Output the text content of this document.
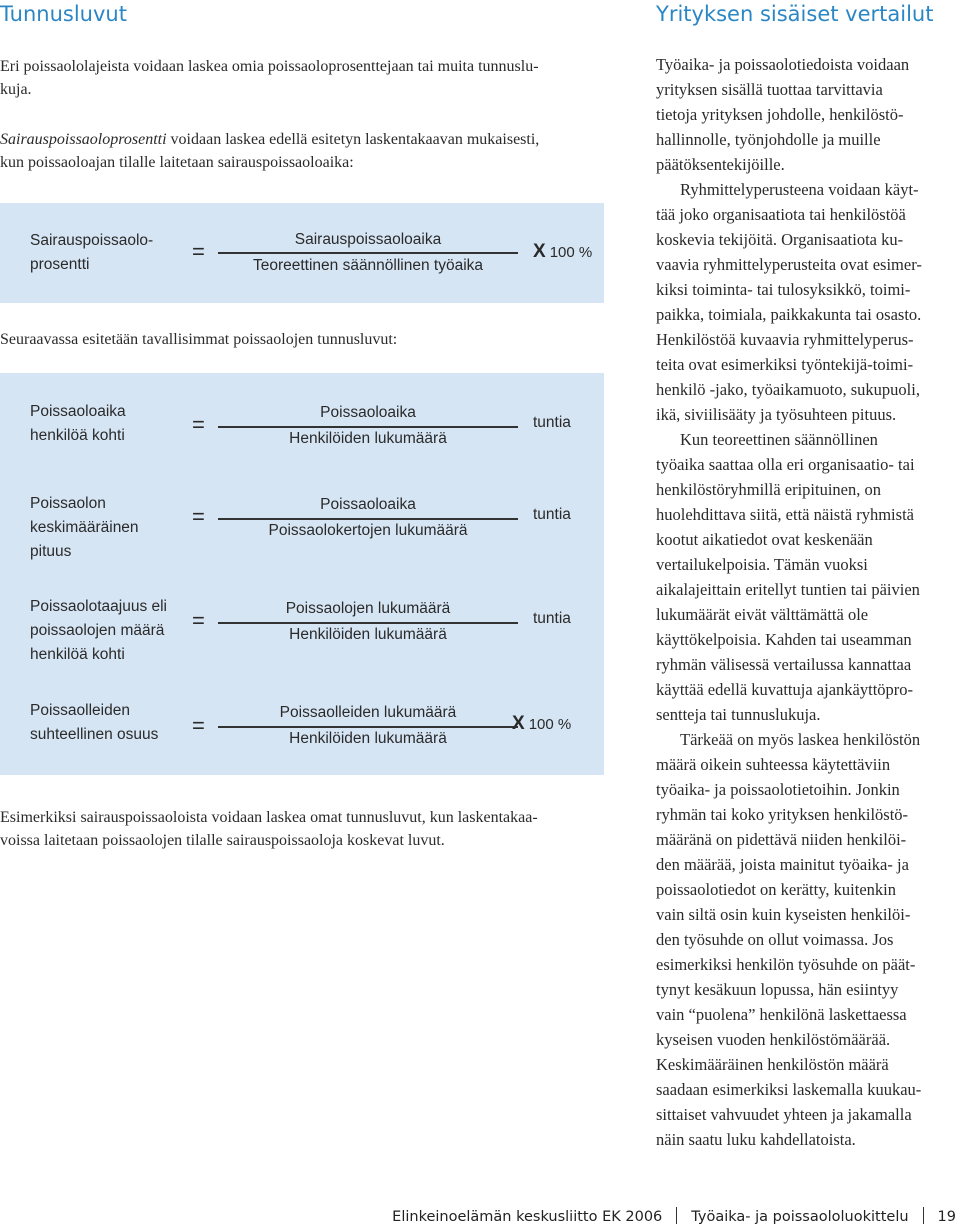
Tunnusluvut
Eri poissaololajeista voidaan laskea omia poissaoloprosenttejaan tai muita tunnuslu-
kuja.
Sairauspoissaoloprosentti voidaan laskea edellä esitetyn laskentakaavan mukaisesti,
kun poissaoloajan tilalle laitetaan sairauspoissaoloaika:
Sairauspoissaolo-
prosentti
=	Sairauspoissaoloaika
Teoreettinen säännöllinen työaika
X 100 %
Seuraavassa esitetään tavallisimmat poissaolojen tunnusluvut:
Poissaoloaika
henkilöä kohti	=	Poissaoloaika
Henkilöiden lukumäärä
tuntia
Poissaolon
keskimääräinen
pituus
=	Poissaoloaika
Poissaolokertojen lukumäärä
tuntia
Poissaolotaajuus eli
poissaolojen määrä
henkilöä kohti
=	Poissaolojen lukumäärä
Henkilöiden lukumäärä
tuntia
Poissaolleiden
suhteellinen osuus =
Poissaolleiden lukumäärä
Henkilöiden lukumäärä
X 100 %
Esimerkiksi sairauspoissaoloista voidaan laskea omat tunnusluvut, kun laskentakaa-
voissa laitetaan poissaolojen tilalle sairauspoissaoloja koskevat luvut.
Yrityksen sisäiset vertailut
Työaika- ja poissaolotiedoista voidaan
yrityksen sisällä tuottaa tarvittavia
tietoja yrityksen johdolle, henkilöstö-
hallinnolle, työnjohdolle ja muille
päätöksentekijöille.
Ryhmittelyperusteena voidaan käyt-
tää joko organisaatiota tai henkilöstöä
koskevia tekijöitä. Organisaatiota ku-
vaavia ryhmittelyperusteita ovat esimer-
kiksi toiminta- tai tulosyksikkö, toimi-
paikka, toimiala, paikkakunta tai osasto.
Henkilöstöä kuvaavia ryhmittelyperus-
teita ovat esimerkiksi työntekijä-toimi-
henkilö -jako, työaikamuoto, sukupuoli,
ikä, siviilisääty ja työsuhteen pituus.
Kun teoreettinen säännöllinen
työaika saattaa olla eri organisaatio- tai
henkilöstöryhmillä eripituinen, on
huolehdittava siitä, että näistä ryhmistä
kootut aikatiedot ovat keskenään
vertailukelpoisia. Tämän vuoksi
aikalajeittain eritellyt tuntien tai päivien
lukumäärät eivät välttämättä ole
käyttökelpoisia. Kahden tai useamman
ryhmän välisessä vertailussa kannattaa
käyttää edellä kuvattuja ajankäyttöpro-
sentteja tai tunnuslukuja.
Tärkeää on myös laskea henkilöstön
määrä oikein suhteessa käytettäviin
työaika- ja poissaolotietoihin. Jonkin
ryhmän tai koko yrityksen henkilöstö-
määränä on pidettävä niiden henkilöi-
den määrää, joista mainitut työaika- ja
poissaolotiedot on kerätty, kuitenkin
vain siltä osin kuin kyseisten henkilöi-
den työsuhde on ollut voimassa. Jos
esimerkiksi henkilön työsuhde on päät-
tynyt kesäkuun lopussa, hän esiintyy
vain “puolena” henkilönä laskettaessa
kyseisen vuoden henkilöstömäärää.
Keskimääräinen henkilöstön määrä
saadaan esimerkiksi laskemalla kuukau-
sittaiset vahvuudet yhteen ja jakamalla
näin saatu luku kahdellatoista.
Elinkeinoelämän keskusliitto EK 2006 Työaika- ja poissaololuokittelu 19
